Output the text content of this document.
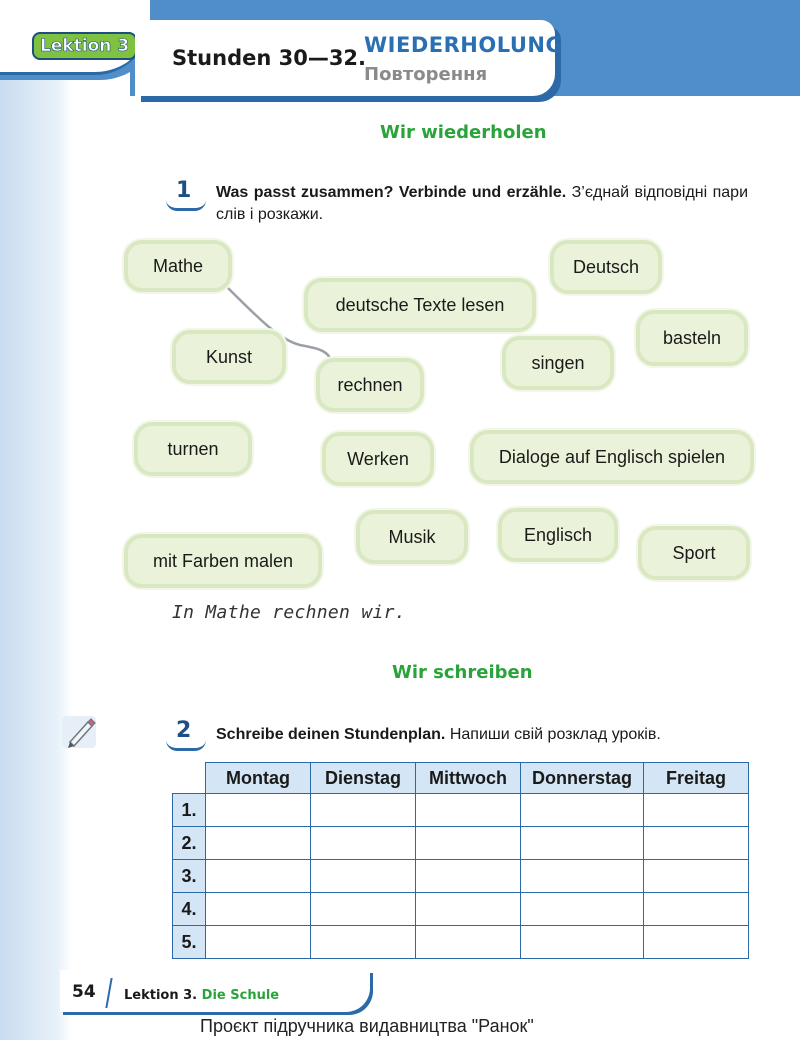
Lektion 3	Stunden 30—32.
WIEDERHOLUNG
Повторення
Wir wiederholen
1 Was passt zusammen? Verbinde und erzähle. З’єднай відповідні пари слів і розкажи.
Mathe	Deutsch
deutsche Texte lesen
basteln
Kunst	singen
rechnen
turnen	Werken	Dialoge auf Englisch spielen
Musik	Englisch
Sport
mit Farben malen
In Mathe rechnen wir.
Wir schreiben
2 Schreibe deinen Stundenplan. Напиши свій розклад уроків.
	Montag	Dienstag	Mittwoch	Donnerstag	Freitag
1.					
2.					
3.					
4.					
5.					
54 Lektion 3. Die Schule
Проєкт підручника видавництва "Ранок"
